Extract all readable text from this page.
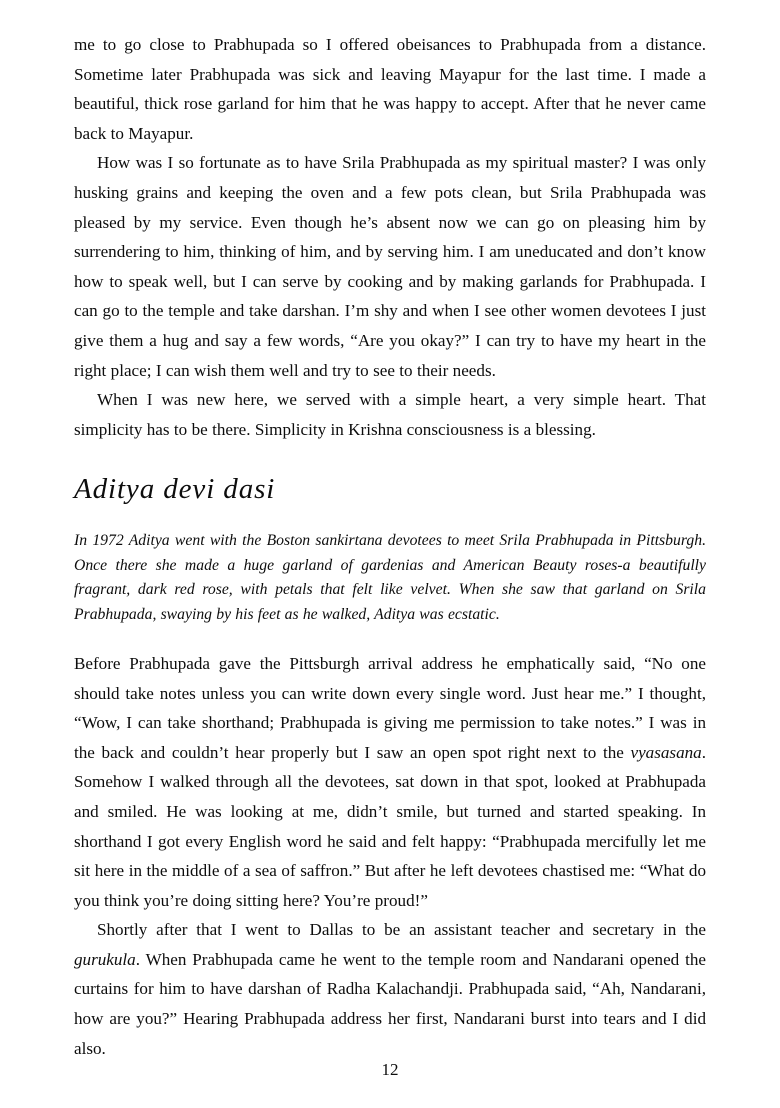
me to go close to Prabhupada so I offered obeisances to Prabhupada from a distance. Sometime later Prabhupada was sick and leaving Mayapur for the last time. I made a beautiful, thick rose garland for him that he was happy to accept. After that he never came back to Mayapur.

How was I so fortunate as to have Srila Prabhupada as my spiritual master? I was only husking grains and keeping the oven and a few pots clean, but Srila Prabhupada was pleased by my service. Even though he’s absent now we can go on pleasing him by surrendering to him, thinking of him, and by serving him. I am uneducated and don’t know how to speak well, but I can serve by cooking and by making garlands for Prabhupada. I can go to the temple and take darshan. I’m shy and when I see other women devotees I just give them a hug and say a few words, “Are you okay?” I can try to have my heart in the right place; I can wish them well and try to see to their needs.

When I was new here, we served with a simple heart, a very simple heart. That simplicity has to be there. Simplicity in Krishna consciousness is a blessing.

Aditya devi dasi

In 1972 Aditya went with the Boston sankirtana devotees to meet Srila Prabhupada in Pittsburgh. Once there she made a huge garland of gardenias and American Beauty roses-a beautifully fragrant, dark red rose, with petals that felt like velvet. When she saw that garland on Srila Prabhupada, swaying by his feet as he walked, Aditya was ecstatic.

Before Prabhupada gave the Pittsburgh arrival address he emphatically said, “No one should take notes unless you can write down every single word. Just hear me.” I thought, “Wow, I can take shorthand; Prabhupada is giving me permission to take notes.” I was in the back and couldn’t hear properly but I saw an open spot right next to the vyasasana. Somehow I walked through all the devotees, sat down in that spot, looked at Prabhupada and smiled. He was looking at me, didn’t smile, but turned and started speaking. In shorthand I got every English word he said and felt happy: “Prabhupada mercifully let me sit here in the middle of a sea of saffron.” But after he left devotees chastised me: “What do you think you’re doing sitting here? You’re proud!”

Shortly after that I went to Dallas to be an assistant teacher and secretary in the gurukula. When Prabhupada came he went to the temple room and Nandarani opened the curtains for him to have darshan of Radha Kalachandji. Prabhupada said, “Ah, Nandarani, how are you?” Hearing Prabhupada address her first, Nandarani burst into tears and I did also.

12
